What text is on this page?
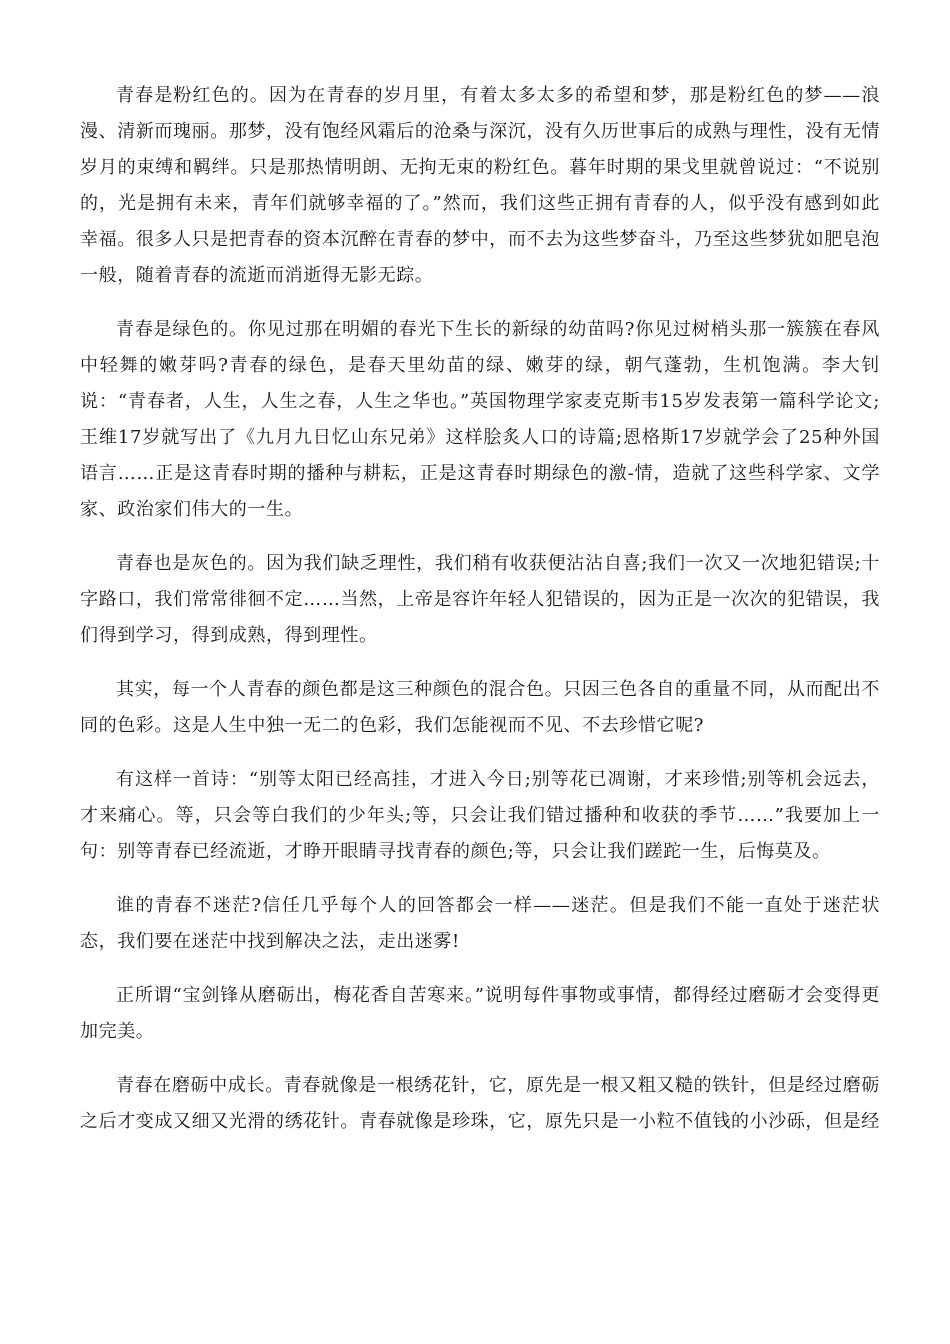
青春是粉红色的。因为在青春的岁月里，有着太多太多的希望和梦，那是粉红色的梦——浪漫、清新而瑰丽。那梦，没有饱经风霜后的沧桑与深沉，没有久历世事后的成熟与理性，没有无情岁月的束缚和羁绊。只是那热情明朗、无拘无束的粉红色。暮年时期的果戈里就曾说过：“不说别的，光是拥有未来，青年们就够幸福的了。”然而，我们这些正拥有青春的人，似乎没有感到如此幸福。很多人只是把青春的资本沉醉在青春的梦中，而不去为这些梦奋斗，乃至这些梦犹如肥皂泡一般，随着青春的流逝而消逝得无影无踪。

青春是绿色的。你见过那在明媚的春光下生长的新绿的幼苗吗?你见过树梢头那一簇簇在春风中轻舞的嫩芽吗?青春的绿色，是春天里幼苗的绿、嫩芽的绿，朝气蓬勃，生机饱满。李大钊说：“青春者，人生，人生之春，人生之华也。”英国物理学家麦克斯韦15岁发表第一篇科学论文;王维17岁就写出了《九月九日忆山东兄弟》这样脍炙人口的诗篇;恩格斯17岁就学会了25种外国语言……正是这青春时期的播种与耕耘，正是这青春时期绿色的激-情，造就了这些科学家、文学家、政治家们伟大的一生。

青春也是灰色的。因为我们缺乏理性，我们稍有收获便沾沾自喜;我们一次又一次地犯错误;十字路口，我们常常徘徊不定……当然，上帝是容许年轻人犯错误的，因为正是一次次的犯错误，我们得到学习，得到成熟，得到理性。

其实，每一个人青春的颜色都是这三种颜色的混合色。只因三色各自的重量不同，从而配出不同的色彩。这是人生中独一无二的色彩，我们怎能视而不见、不去珍惜它呢?

有这样一首诗：“别等太阳已经高挂，才进入今日;别等花已凋谢，才来珍惜;别等机会远去，才来痛心。等，只会等白我们的少年头;等，只会让我们错过播种和收获的季节……”我要加上一句：别等青春已经流逝，才睁开眼睛寻找青春的颜色;等，只会让我们蹉跎一生，后悔莫及。

谁的青春不迷茫?信任几乎每个人的回答都会一样——迷茫。但是我们不能一直处于迷茫状态，我们要在迷茫中找到解决之法，走出迷雾!

正所谓“宝剑锋从磨砺出，梅花香自苦寒来。”说明每件事物或事情，都得经过磨砺才会变得更加完美。

青春在磨砺中成长。青春就像是一根绣花针，它，原先是一根又粗又糙的铁针，但是经过磨砺之后才变成又细又光滑的绣花针。青春就像是珍珠，它，原先只是一小粒不值钱的小沙砾，但是经
